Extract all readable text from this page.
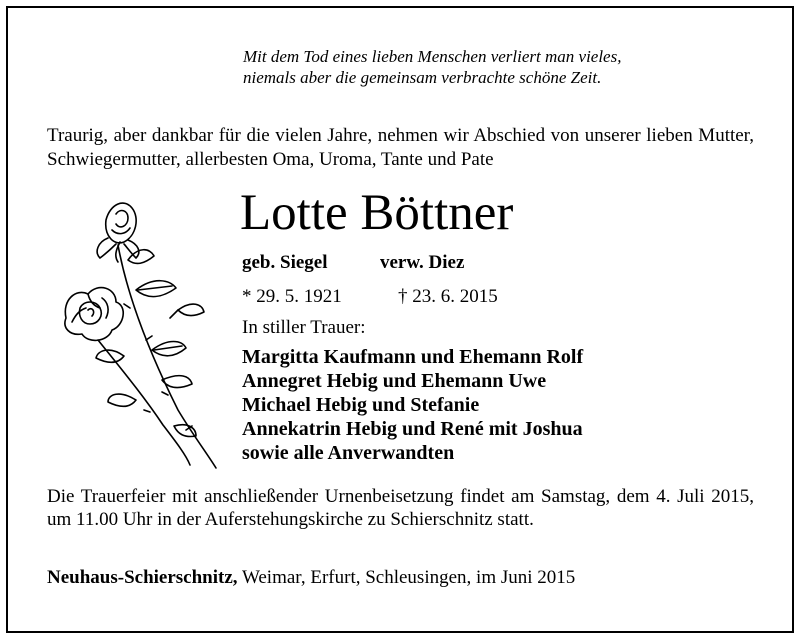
Mit dem Tod eines lieben Menschen verliert man vieles,
niemals aber die gemeinsam verbrachte schöne Zeit.
Traurig, aber dankbar für die vielen Jahre, nehmen wir Abschied von unserer lieben Mutter, Schwiegermutter, allerbesten Oma, Uroma, Tante und Pate
Lotte Böttner
geb. Siegel	verw. Diez
* 29. 5. 1921	† 23. 6. 2015
In stiller Trauer:
Margitta Kaufmann und Ehemann Rolf
Annegret Hebig und Ehemann Uwe
Michael Hebig und Stefanie
Annekatrin Hebig und René mit Joshua
sowie alle Anverwandten
Die Trauerfeier mit anschließender Urnenbeisetzung findet am Samstag, dem 4. Juli 2015, um 11.00 Uhr in der Auferstehungskirche zu Schierschnitz statt.
Neuhaus-Schierschnitz, Weimar, Erfurt, Schleusingen, im Juni 2015
